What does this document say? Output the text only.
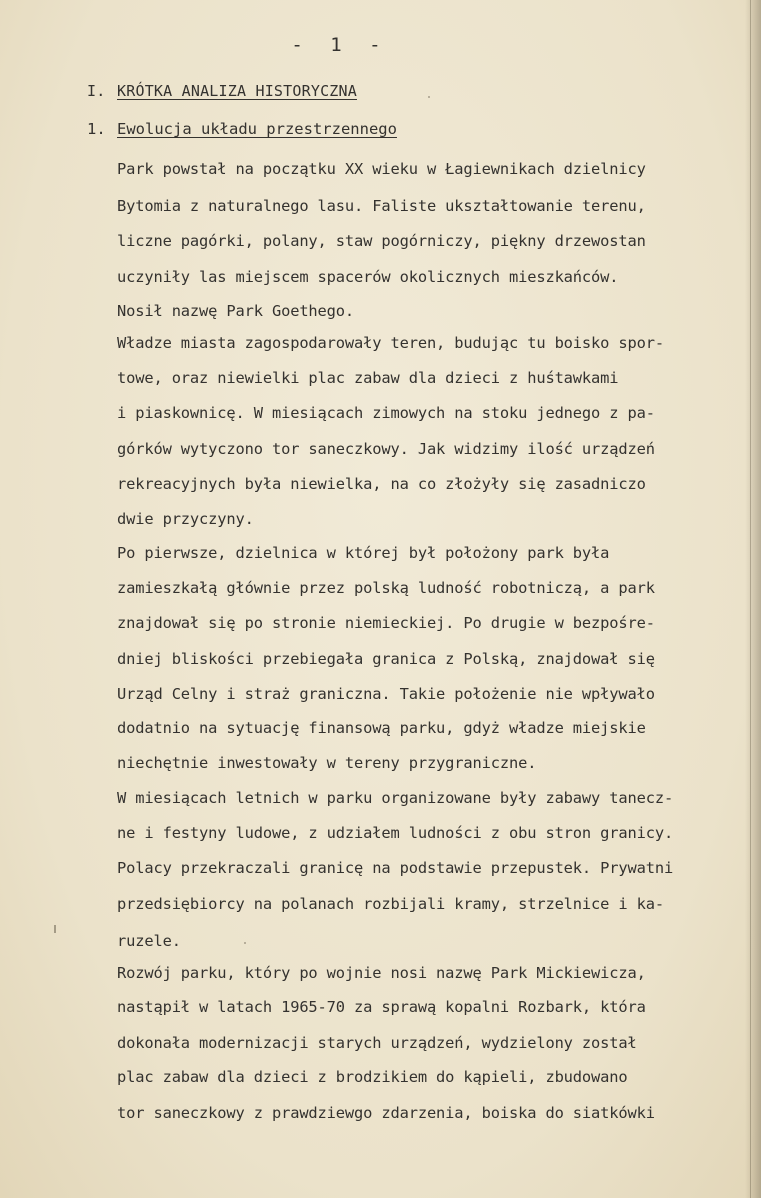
- 1 -
I. KRÓTKA ANALIZA HISTORYCZNA
1. Ewolucja układu przestrzennego
Park powstał na początku XX wieku w Łagiewnikach dzielnicy
Bytomia z naturalnego lasu. Faliste ukształtowanie terenu,
liczne pagórki, polany, staw pogórniczy, piękny drzewostan
uczyniły las miejscem spacerów okolicznych mieszkańców.
Nosił nazwę Park Goethego.
Władze miasta zagospodarowały teren, budując tu boisko spor-
towe, oraz niewielki plac zabaw dla dzieci z huśtawkami
i piaskownicę. W miesiącach zimowych na stoku jednego z pa-
górków wytyczono tor saneczkowy. Jak widzimy ilość urządzeń
rekreacyjnych była niewielka, na co złożyły się zasadniczo
dwie przyczyny.
Po pierwsze, dzielnica w której był położony park była
zamieszkałą głównie przez polską ludność robotniczą, a park
znajdował się po stronie niemieckiej. Po drugie w bezpośre-
dniej bliskości przebiegała granica z Polską, znajdował się
Urząd Celny i straż graniczna. Takie położenie nie wpływało
dodatnio na sytuację finansową parku, gdyż władze miejskie
niechętnie inwestowały w tereny przygraniczne.
W miesiącach letnich w parku organizowane były zabawy tanecz-
ne i festyny ludowe, z udziałem ludności z obu stron granicy.
Polacy przekraczali granicę na podstawie przepustek. Prywatni
przedsiębiorcy na polanach rozbijali kramy, strzelnice i ka-
ruzele.
Rozwój parku, który po wojnie nosi nazwę Park Mickiewicza,
nastąpił w latach 1965-70 za sprawą kopalni Rozbark, która
dokonała modernizacji starych urządzeń, wydzielony został
plac zabaw dla dzieci z brodzikiem do kąpieli, zbudowano
tor saneczkowy z prawdziewgo zdarzenia, boiska do siatkówki
